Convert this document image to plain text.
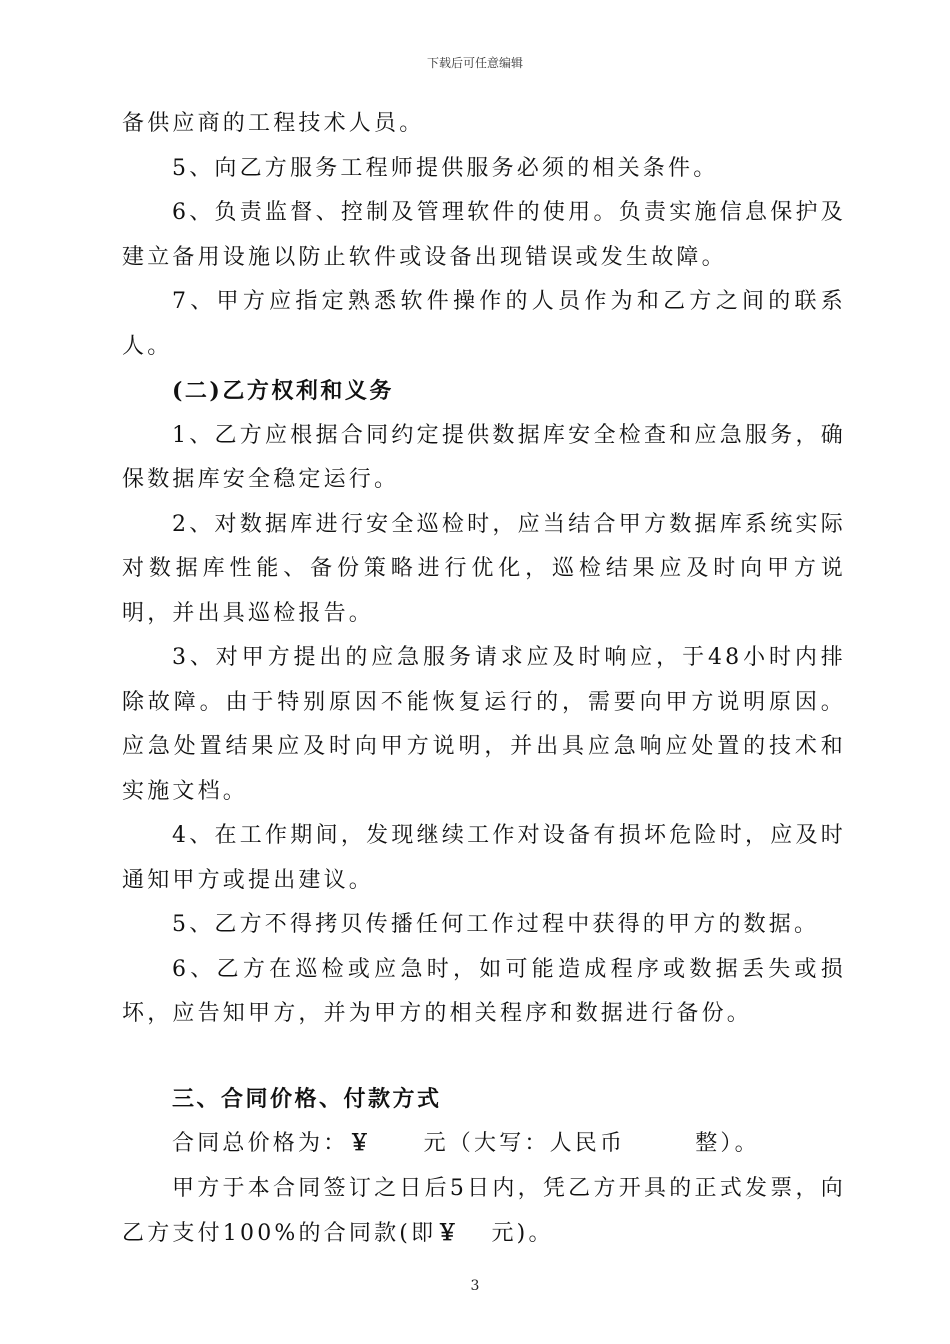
下载后可任意编辑

备供应商的工程技术人员。

5、向乙方服务工程师提供服务必须的相关条件。

6、负责监督、控制及管理软件的使用。负责实施信息保护及建立备用设施以防止软件或设备出现错误或发生故障。

7、甲方应指定熟悉软件操作的人员作为和乙方之间的联系人。

(二)乙方权利和义务

1、乙方应根据合同约定提供数据库安全检查和应急服务，确保数据库安全稳定运行。

2、对数据库进行安全巡检时，应当结合甲方数据库系统实际对数据库性能、备份策略进行优化，巡检结果应及时向甲方说明，并出具巡检报告。

3、对甲方提出的应急服务请求应及时响应，于48小时内排除故障。由于特别原因不能恢复运行的，需要向甲方说明原因。应急处置结果应及时向甲方说明，并出具应急响应处置的技术和实施文档。

4、在工作期间，发现继续工作对设备有损坏危险时，应及时通知甲方或提出建议。

5、乙方不得拷贝传播任何工作过程中获得的甲方的数据。

6、乙方在巡检或应急时，如可能造成程序或数据丢失或损坏，应告知甲方，并为甲方的相关程序和数据进行备份。

三、合同价格、付款方式

合同总价格为：￥ 元（大写：人民币	整）。

甲方于本合同签订之日后5日内，凭乙方开具的正式发票，向乙方支付100%的合同款(即￥ 元)。

3
